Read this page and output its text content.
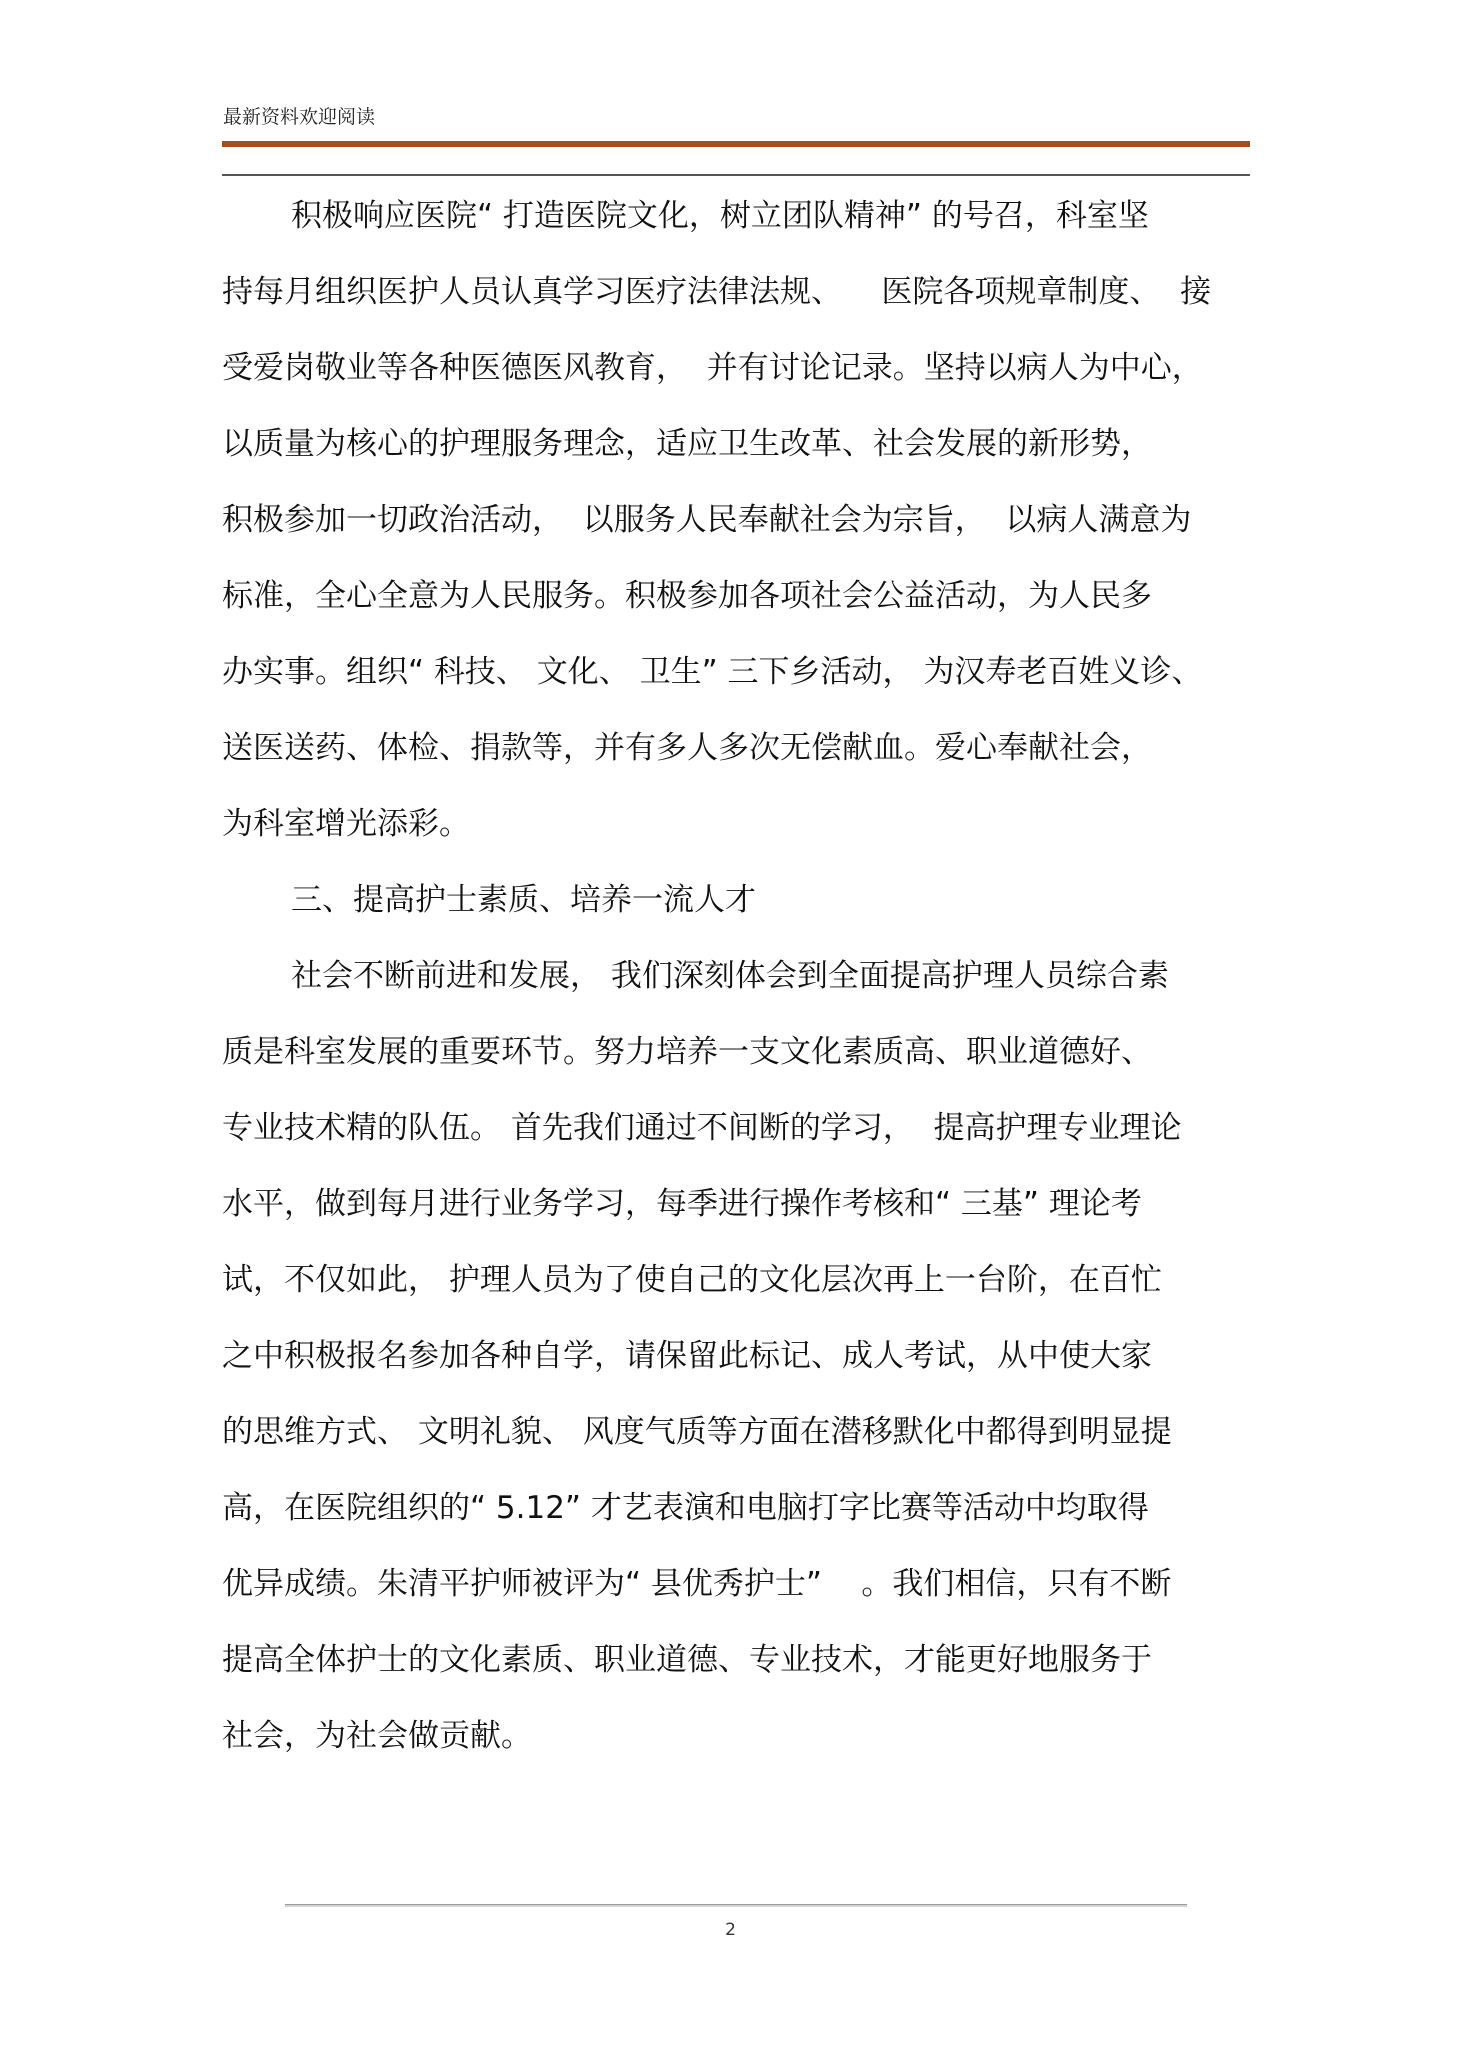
最新资料欢迎阅读
积极响应医院“ 打造医院文化，树立团队精神” 的号召，科室坚
持每月组织医护人员认真学习医疗法律法规、    医院各项规章制度、  接
受爱岗敬业等各种医德医风教育，  并有讨论记录。坚持以病人为中心，
以质量为核心的护理服务理念，适应卫生改革、社会发展的新形势，
积极参加一切政治活动，  以服务人民奉献社会为宗旨，  以病人满意为
标准，全心全意为人民服务。积极参加各项社会公益活动，为人民多
办实事。组织“ 科技、 文化、 卫生” 三下乡活动， 为汉寿老百姓义诊、
送医送药、体检、捐款等，并有多人多次无偿献血。爱心奉献社会，
为科室增光添彩。
三、提高护士素质、培养一流人才
社会不断前进和发展， 我们深刻体会到全面提高护理人员综合素
质是科室发展的重要环节。努力培养一支文化素质高、职业道德好、
专业技术精的队伍。 首先我们通过不间断的学习，  提高护理专业理论
水平，做到每月进行业务学习，每季进行操作考核和“ 三基” 理论考
试，不仅如此， 护理人员为了使自己的文化层次再上一台阶，在百忙
之中积极报名参加各种自学，请保留此标记、成人考试，从中使大家
的思维方式、 文明礼貌、 风度气质等方面在潜移默化中都得到明显提
高，在医院组织的“ 5.12” 才艺表演和电脑打字比赛等活动中均取得
优异成绩。朱清平护师被评为“ 县优秀护士”    。我们相信，只有不断
提高全体护士的文化素质、职业道德、专业技术，才能更好地服务于
社会，为社会做贡献。
2
